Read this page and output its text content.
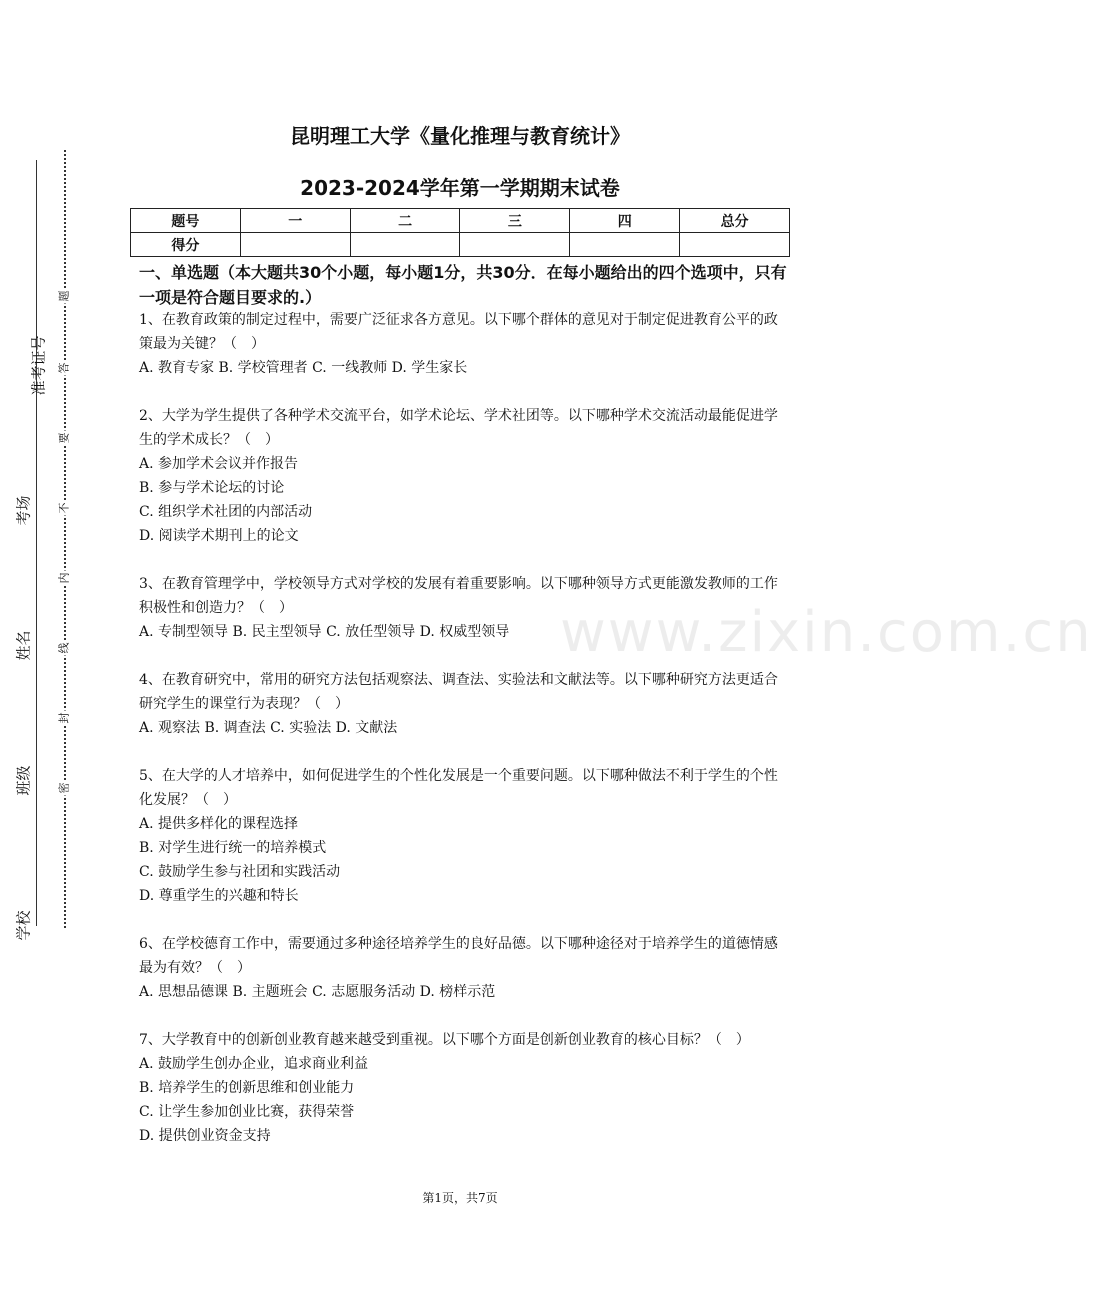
准考证号
考场
姓名
班级
学校
题
答
要
不
内
线
封
密
www.zixin.com.cn
昆明理工大学《量化推理与教育统计》
2023-2024学年第一学期期末试卷
题号	一	二	三	四	总分
得分					
一、单选题（本大题共30个小题，每小题1分，共30分．在每小题给出的四个选项中，只有一项是符合题目要求的.）

1、在教育政策的制定过程中，需要广泛征求各方意见。以下哪个群体的意见对于制定促进教育公平的政策最为关键？（　）

A. 教育专家 B. 学校管理者 C. 一线教师 D. 学生家长

2、大学为学生提供了各种学术交流平台，如学术论坛、学术社团等。以下哪种学术交流活动最能促进学生的学术成长？（　）

A. 参加学术会议并作报告

B. 参与学术论坛的讨论

C. 组织学术社团的内部活动

D. 阅读学术期刊上的论文

3、在教育管理学中，学校领导方式对学校的发展有着重要影响。以下哪种领导方式更能激发教师的工作积极性和创造力？（　）

A. 专制型领导 B. 民主型领导 C. 放任型领导 D. 权威型领导

4、在教育研究中，常用的研究方法包括观察法、调查法、实验法和文献法等。以下哪种研究方法更适合研究学生的课堂行为表现？（　）

A. 观察法 B. 调查法 C. 实验法 D. 文献法

5、在大学的人才培养中，如何促进学生的个性化发展是一个重要问题。以下哪种做法不利于学生的个性化发展？（　）

A. 提供多样化的课程选择

B. 对学生进行统一的培养模式

C. 鼓励学生参与社团和实践活动

D. 尊重学生的兴趣和特长

6、在学校德育工作中，需要通过多种途径培养学生的良好品德。以下哪种途径对于培养学生的道德情感最为有效？（　）

A. 思想品德课 B. 主题班会 C. 志愿服务活动 D. 榜样示范

7、大学教育中的创新创业教育越来越受到重视。以下哪个方面是创新创业教育的核心目标？（　）

A. 鼓励学生创办企业，追求商业利益

B. 培养学生的创新思维和创业能力

C. 让学生参加创业比赛，获得荣誉

D. 提供创业资金支持

第1页，共7页
